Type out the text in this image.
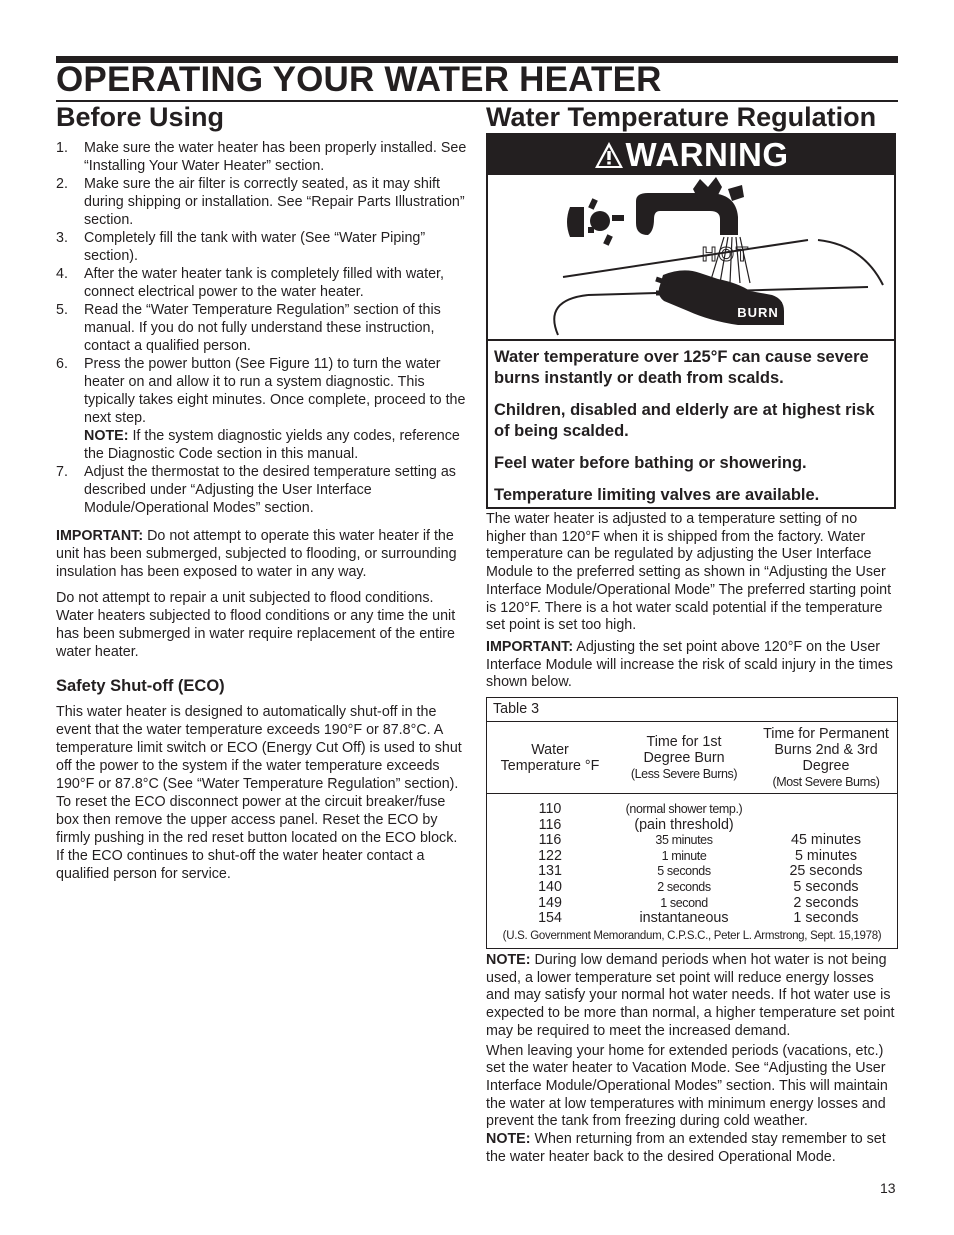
OPERATING YOUR WATER HEATER
Before Using	Water Temperature Regulation
1. Make sure the water heater has been properly installed. See “Installing Your Water Heater” section.
2. Make sure the air filter is correctly seated, as it may shift during shipping or installation. See “Repair Parts Illustration” section.
3. Completely fill the tank with water (See “Water Piping” section).
4. After the water heater tank is completely filled with water, connect electrical power to the water heater.
5. Read the “Water Temperature Regulation” section of this manual. If you do not fully understand these instruction, contact a qualified person.
6. Press the power button (See Figure 11) to turn the water heater on and allow it to run a system diagnostic. This typically takes eight minutes. Once complete, proceed to the next step.
NOTE: If the system diagnostic yields any codes, reference the Diagnostic Code section in this manual.
7. Adjust the thermostat to the desired temperature setting as described under “Adjusting the User Interface Module/Operational Modes” section.
IMPORTANT: Do not attempt to operate this water heater if the unit has been submerged, subjected to flooding, or surrounding insulation has been exposed to water in any way.
Do not attempt to repair a unit subjected to flood conditions. Water heaters subjected to flood conditions or any time the unit has been submerged in water require replacement of the entire water heater.
Safety Shut-off (ECO)
This water heater is designed to automatically shut-off in the event that the water temperature exceeds 190°F or 87.8°C. A temperature limit switch or ECO (Energy Cut Off) is used to shut off the power to the system if the water temperature exceeds 190°F or 87.8°C (See “Water Temperature Regulation” section). To reset the ECO disconnect power at the circuit breaker/fuse box then remove the upper access panel. Reset the ECO by firmly pushing in the red reset button located on the ECO block. If the ECO continues to shut-off the water heater contact a qualified person for service.
WARNING
BURN
HOT
Water temperature over 125°F can cause severe burns instantly or death from scalds.
Children, disabled and elderly are at highest risk of being scalded.
Feel water before bathing or showering.
Temperature limiting valves are available.
The water heater is adjusted to a temperature setting of no higher than 120°F when it is shipped from the factory. Water temperature can be regulated by adjusting the User Interface Module to the preferred setting as shown in “Adjusting the User Interface Module/Operational Mode” The preferred starting point is 120°F. There is a hot water scald potential if the temperature set point is set too high.
IMPORTANT: Adjusting the set point above 120°F on the User Interface Module will increase the risk of scald injury in the times shown below.
Table 3
Water Temperature °F
Time for 1st Degree Burn
(Less Severe Burns)
Time for Permanent Burns 2nd & 3rd Degree
(Most Severe Burns)
110
116
116
122
131
140
149
154
(normal shower temp.)
(pain threshold)
35 minutes
1 minute
5 seconds
2 seconds
1 second
instantaneous
45 minutes
5 minutes
25 seconds
5 seconds
2 seconds
1 seconds
(U.S. Government Memorandum, C.P.S.C., Peter L. Armstrong, Sept. 15,1978)
NOTE: During low demand periods when hot water is not being used, a lower temperature set point will reduce energy losses and may satisfy your normal hot water needs. If hot water use is expected to be more than normal, a higher temperature set point may be required to meet the increased demand.
When leaving your home for extended periods (vacations, etc.) set the water heater to Vacation Mode. See “Adjusting the User Interface Module/Operational Modes” section. This will maintain the water at low temperatures with minimum energy losses and prevent the tank from freezing during cold weather.
NOTE: When returning from an extended stay remember to set the water heater back to the desired Operational Mode.
13
